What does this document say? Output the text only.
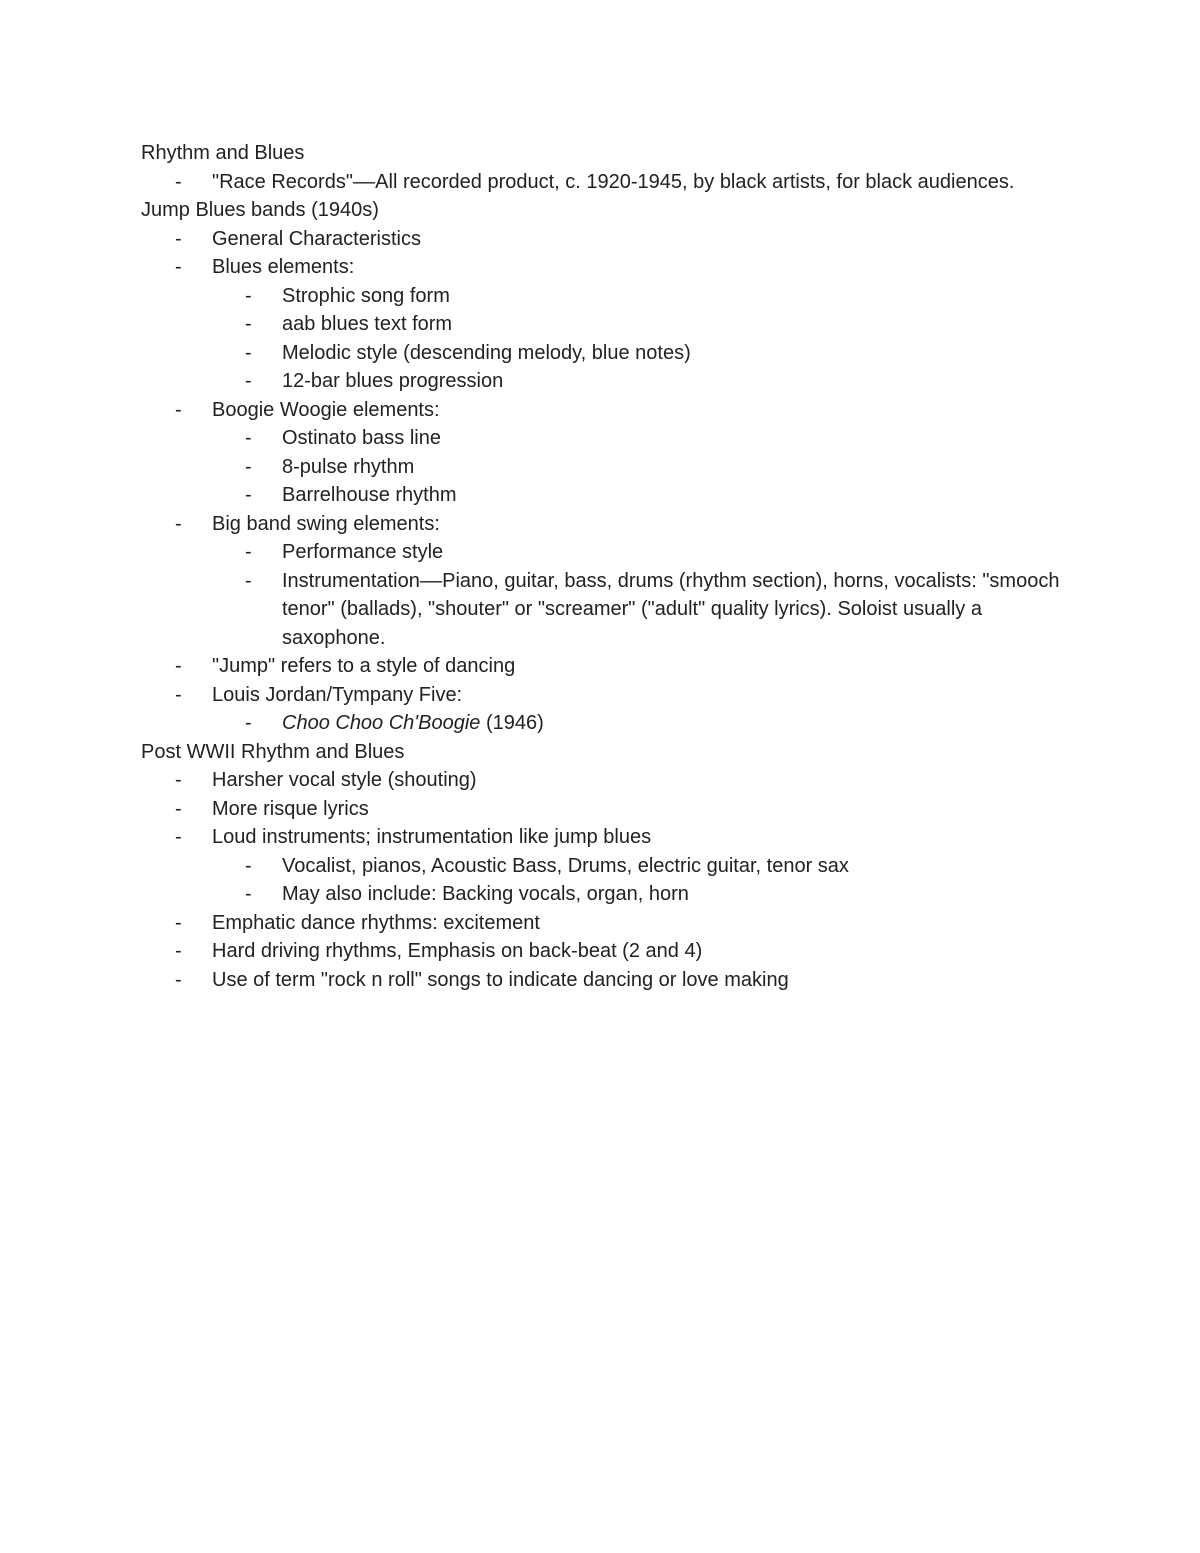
Rhythm and Blues

- "Race Records"––All recorded product, c. 1920-1945, by black artists, for black audiences.

Jump Blues bands (1940s)

- General Characteristics
- Blues elements:
- Strophic song form
- aab blues text form
- Melodic style (descending melody, blue notes)
- 12-bar blues progression
- Boogie Woogie elements:
- Ostinato bass line
- 8-pulse rhythm
- Barrelhouse rhythm
- Big band swing elements:
- Performance style
- Instrumentation––Piano, guitar, bass, drums (rhythm section), horns, vocalists: "smooch tenor" (ballads), "shouter" or "screamer" ("adult" quality lyrics). Soloist usually a saxophone.
- "Jump" refers to a style of dancing
- Louis Jordan/Tympany Five:
- Choo Choo Ch'Boogie (1946)

Post WWII Rhythm and Blues

- Harsher vocal style (shouting)
- More risque lyrics
- Loud instruments; instrumentation like jump blues
- Vocalist, pianos, Acoustic Bass, Drums, electric guitar, tenor sax
- May also include: Backing vocals, organ, horn
- Emphatic dance rhythms: excitement
- Hard driving rhythms, Emphasis on back-beat (2 and 4)
- Use of term "rock n roll" songs to indicate dancing or love making
